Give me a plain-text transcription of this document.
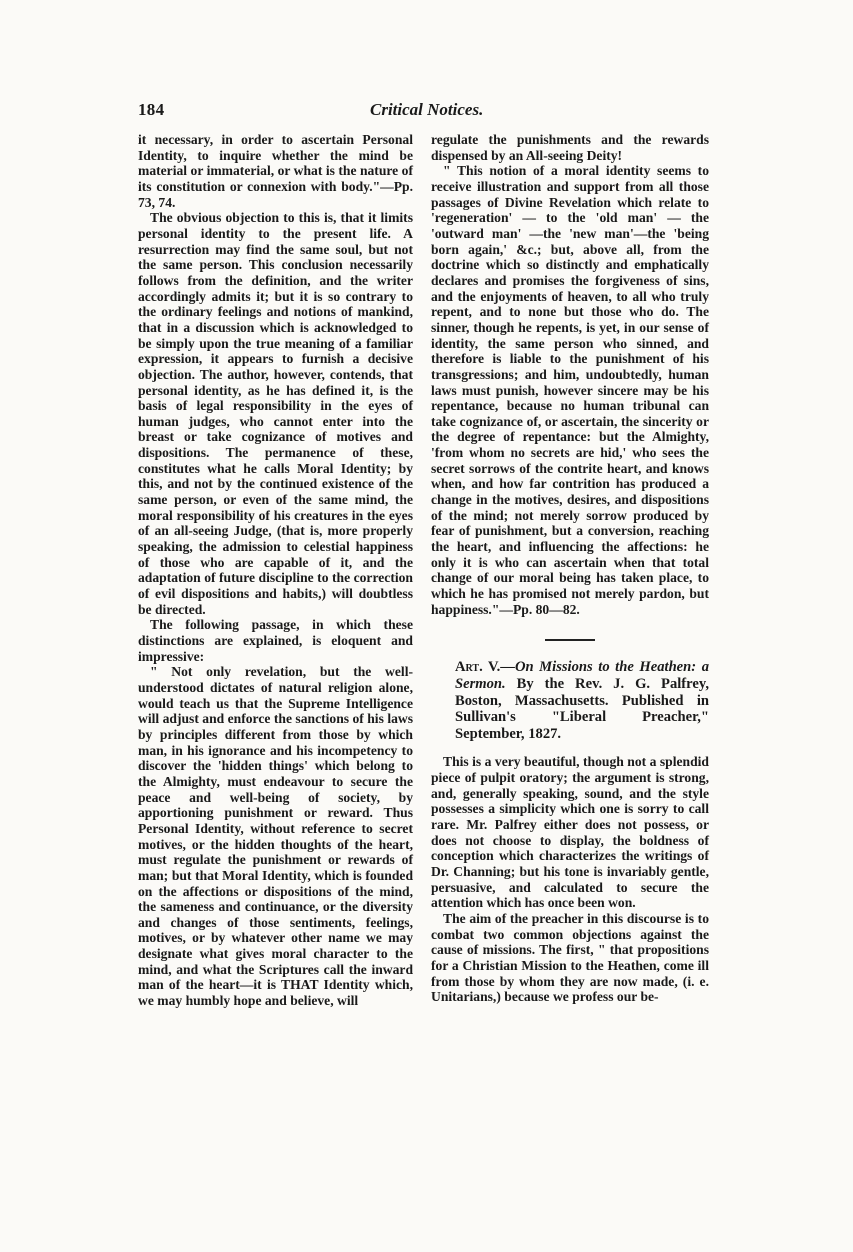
184	Critical Notices.

it necessary, in order to ascertain Personal Identity, to inquire whether the mind be material or immaterial, or what is the nature of its constitution or connexion with body."—Pp. 73, 74.

The obvious objection to this is, that it limits personal identity to the present life. A resurrection may find the same soul, but not the same person. This conclusion necessarily follows from the definition, and the writer accordingly admits it; but it is so contrary to the ordinary feelings and notions of mankind, that in a discussion which is acknowledged to be simply upon the true meaning of a familiar expression, it appears to furnish a decisive objection. The author, however, contends, that personal identity, as he has defined it, is the basis of legal responsibility in the eyes of human judges, who cannot enter into the breast or take cognizance of motives and dispositions. The permanence of these, constitutes what he calls Moral Identity; by this, and not by the continued existence of the same person, or even of the same mind, the moral responsibility of his creatures in the eyes of an all-seeing Judge, (that is, more properly speaking, the admission to celestial happiness of those who are capable of it, and the adaptation of future discipline to the correction of evil dispositions and habits,) will doubtless be directed.

The following passage, in which these distinctions are explained, is eloquent and impressive:

" Not only revelation, but the well-understood dictates of natural religion alone, would teach us that the Supreme Intelligence will adjust and enforce the sanctions of his laws by principles different from those by which man, in his ignorance and his incompetency to discover the 'hidden things' which belong to the Almighty, must endeavour to secure the peace and well-being of society, by apportioning punishment or reward. Thus Personal Identity, without reference to secret motives, or the hidden thoughts of the heart, must regulate the punishment or rewards of man; but that Moral Identity, which is founded on the affections or dispositions of the mind, the sameness and continuance, or the diversity and changes of those sentiments, feelings, motives, or by whatever other name we may designate what gives moral character to the mind, and what the Scriptures call the inward man of the heart—it is THAT Identity which, we may humbly hope and believe, will

regulate the punishments and the rewards dispensed by an All-seeing Deity!

" This notion of a moral identity seems to receive illustration and support from all those passages of Divine Revelation which relate to 'regeneration' — to the 'old man' — the 'outward man' —the 'new man'—the 'being born again,' &c.; but, above all, from the doctrine which so distinctly and emphatically declares and promises the forgiveness of sins, and the enjoyments of heaven, to all who truly repent, and to none but those who do. The sinner, though he repents, is yet, in our sense of identity, the same person who sinned, and therefore is liable to the punishment of his transgressions; and him, undoubtedly, human laws must punish, however sincere may be his repentance, because no human tribunal can take cognizance of, or ascertain, the sincerity or the degree of repentance: but the Almighty, 'from whom no secrets are hid,' who sees the secret sorrows of the contrite heart, and knows when, and how far contrition has produced a change in the motives, desires, and dispositions of the mind; not merely sorrow produced by fear of punishment, but a conversion, reaching the heart, and influencing the affections: he only it is who can ascertain when that total change of our moral being has taken place, to which he has promised not merely pardon, but happiness."—Pp. 80—82.

Art. V.—On Missions to the Heathen: a Sermon. By the Rev. J. G. Palfrey, Boston, Massachusetts. Published in Sullivan's "Liberal Preacher," September, 1827.

This is a very beautiful, though not a splendid piece of pulpit oratory; the argument is strong, and, generally speaking, sound, and the style possesses a simplicity which one is sorry to call rare. Mr. Palfrey either does not possess, or does not choose to display, the boldness of conception which characterizes the writings of Dr. Channing; but his tone is invariably gentle, persuasive, and calculated to secure the attention which has once been won.

The aim of the preacher in this discourse is to combat two common objections against the cause of missions. The first, " that propositions for a Christian Mission to the Heathen, come ill from those by whom they are now made, (i. e. Unitarians,) because we profess our be-
